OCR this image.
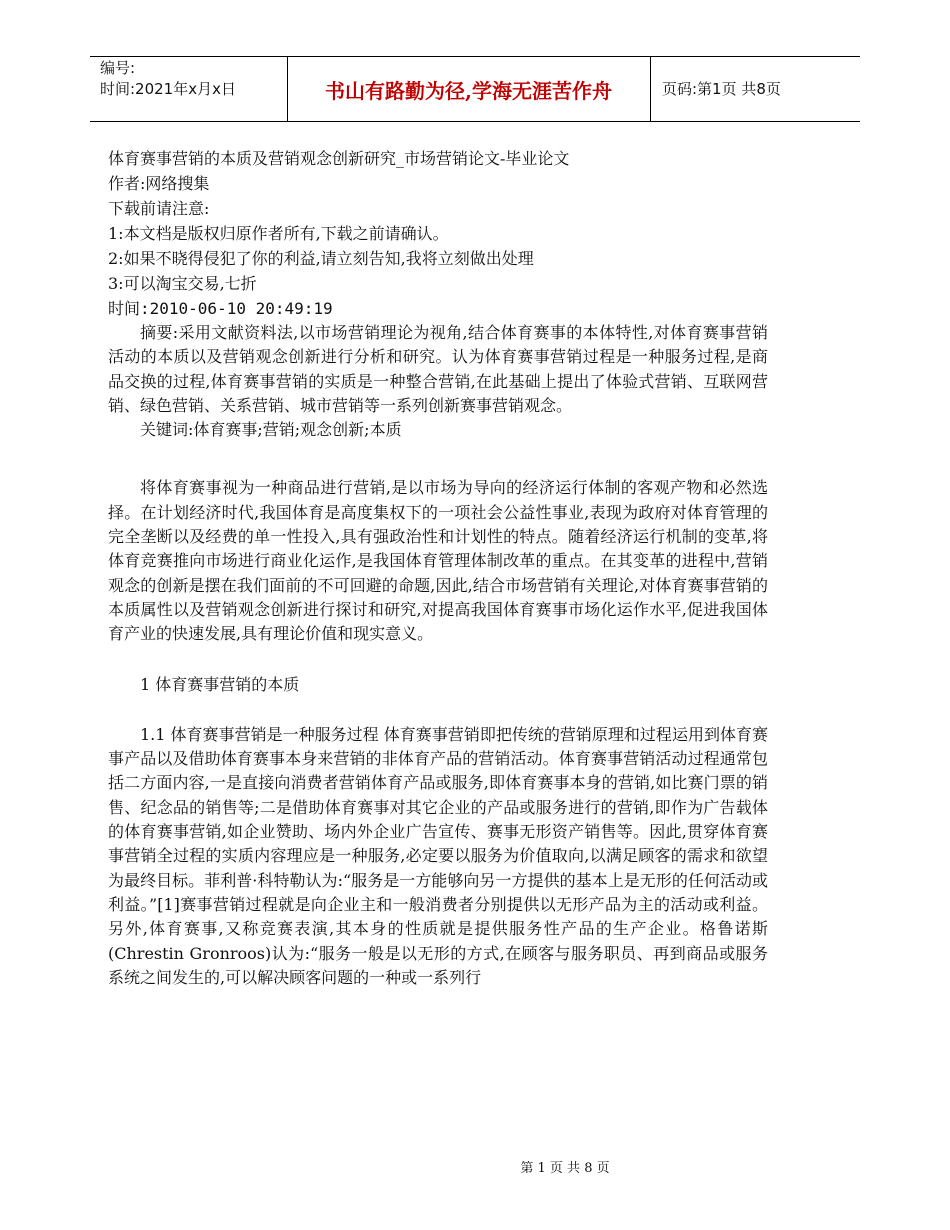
编号:
时间:2021年x月x日	书山有路勤为径,学海无涯苦作舟	页码:第1页 共8页
体育赛事营销的本质及营销观念创新研究_市场营销论文-毕业论文
作者:网络搜集
下载前请注意:
1:本文档是版权归原作者所有,下载之前请确认。
2:如果不晓得侵犯了你的利益,请立刻告知,我将立刻做出处理
3:可以淘宝交易,七折
时间:2010-06-10 20:49:19

摘要:采用文献资料法,以市场营销理论为视角,结合体育赛事的本体特性,对体育赛事营销活动的本质以及营销观念创新进行分析和研究。认为体育赛事营销过程是一种服务过程,是商品交换的过程,体育赛事营销的实质是一种整合营销,在此基础上提出了体验式营销、互联网营销、绿色营销、关系营销、城市营销等一系列创新赛事营销观念。

关键词:体育赛事;营销;观念创新;本质

将体育赛事视为一种商品进行营销,是以市场为导向的经济运行体制的客观产物和必然选择。在计划经济时代,我国体育是高度集权下的一项社会公益性事业,表现为政府对体育管理的完全垄断以及经费的单一性投入,具有强政治性和计划性的特点。随着经济运行机制的变革,将体育竞赛推向市场进行商业化运作,是我国体育管理体制改革的重点。在其变革的进程中,营销观念的创新是摆在我们面前的不可回避的命题,因此,结合市场营销有关理论,对体育赛事营销的本质属性以及营销观念创新进行探讨和研究,对提高我国体育赛事市场化运作水平,促进我国体育产业的快速发展,具有理论价值和现实意义。

1 体育赛事营销的本质

1.1 体育赛事营销是一种服务过程 体育赛事营销即把传统的营销原理和过程运用到体育赛事产品以及借助体育赛事本身来营销的非体育产品的营销活动。体育赛事营销活动过程通常包括二方面内容,一是直接向消费者营销体育产品或服务,即体育赛事本身的营销,如比赛门票的销售、纪念品的销售等;二是借助体育赛事对其它企业的产品或服务进行的营销,即作为广告载体的体育赛事营销,如企业赞助、场内外企业广告宣传、赛事无形资产销售等。因此,贯穿体育赛事营销全过程的实质内容理应是一种服务,必定要以服务为价值取向,以满足顾客的需求和欲望为最终目标。菲利普·科特勒认为:“服务是一方能够向另一方提供的基本上是无形的任何活动或利益。”[1]赛事营销过程就是向企业主和一般消费者分别提供以无形产品为主的活动或利益。另外,体育赛事,又称竞赛表演,其本身的性质就是提供服务性产品的生产企业。格鲁诺斯(Chrestin Gronroos)认为:“服务一般是以无形的方式,在顾客与服务职员、再到商品或服务系统之间发生的,可以解决顾客问题的一种或一系列行

第 1 页 共 8 页
